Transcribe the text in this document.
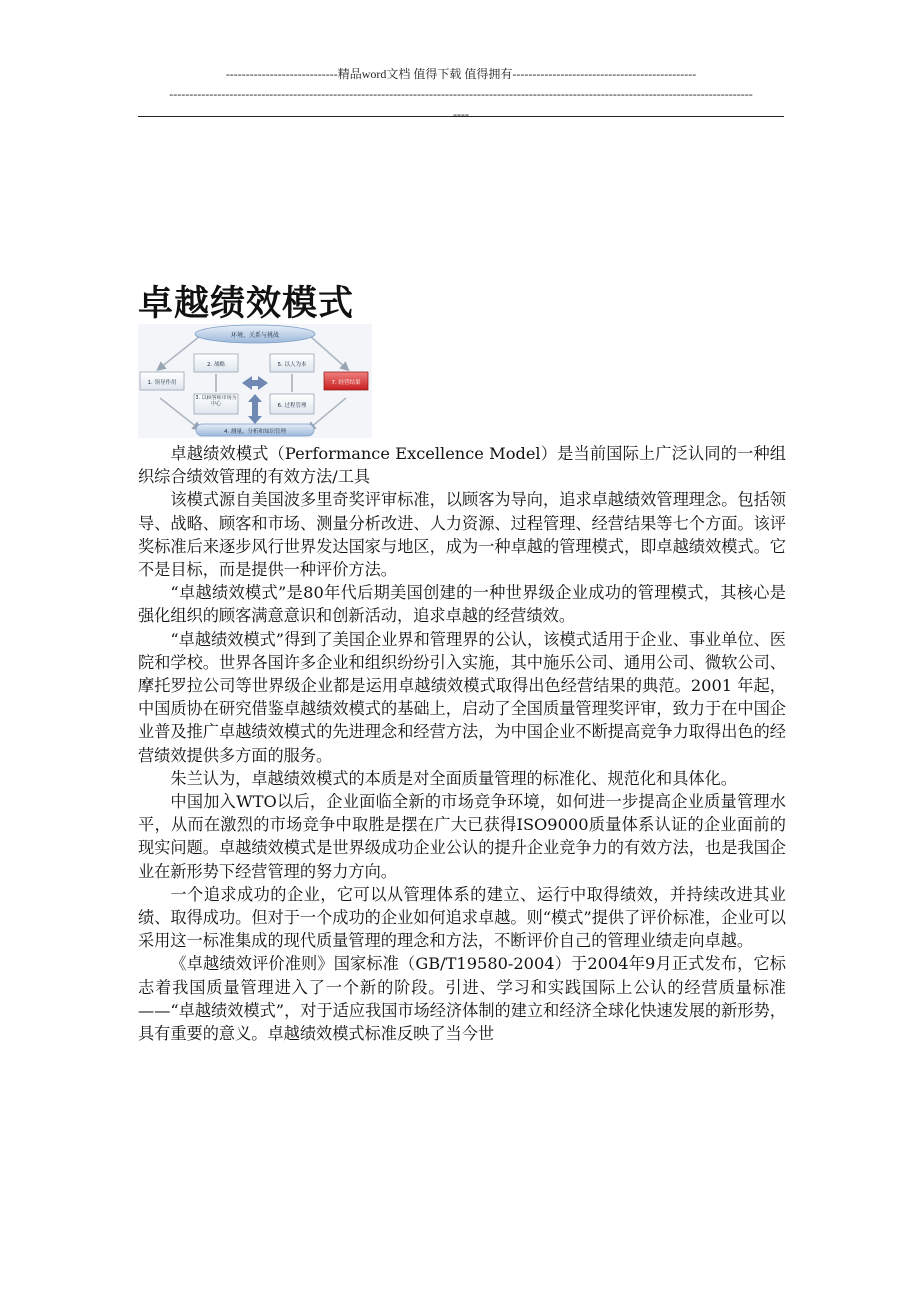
----------------------------精品word文档 值得下载 值得拥有----------------------------------------------
--------------------------------------------------------------------------------------------------------------------------------------------------
----
卓越绩效模式
环境、关系与挑战
1. 领导作用
2. 战略
3. 以顾客和市场为中心
5. 以人为本
6. 过程管理
7. 经营结果
4. 测量、分析和知识管理

卓越绩效模式（Performance Excellence Model）是当前国际上广泛认同的一种组织综合绩效管理的有效方法/工具

该模式源自美国波多里奇奖评审标准，以顾客为导向，追求卓越绩效管理理念。包括领导、战略、顾客和市场、测量分析改进、人力资源、过程管理、经营结果等七个方面。该评奖标准后来逐步风行世界发达国家与地区，成为一种卓越的管理模式，即卓越绩效模式。它不是目标，而是提供一种评价方法。

“卓越绩效模式”是80年代后期美国创建的一种世界级企业成功的管理模式，其核心是强化组织的顾客满意意识和创新活动，追求卓越的经营绩效。

“卓越绩效模式”得到了美国企业界和管理界的公认，该模式适用于企业、事业单位、医院和学校。世界各国许多企业和组织纷纷引入实施，其中施乐公司、通用公司、微软公司、摩托罗拉公司等世界级企业都是运用卓越绩效模式取得出色经营结果的典范。2001 年起，中国质协在研究借鉴卓越绩效模式的基础上，启动了全国质量管理奖评审，致力于在中国企业普及推广卓越绩效模式的先进理念和经营方法，为中国企业不断提高竞争力取得出色的经营绩效提供多方面的服务。

朱兰认为，卓越绩效模式的本质是对全面质量管理的标准化、规范化和具体化。

中国加入WTO以后，企业面临全新的市场竞争环境，如何进一步提高企业质量管理水平，从而在激烈的市场竞争中取胜是摆在广大已获得ISO9000质量体系认证的企业面前的现实问题。卓越绩效模式是世界级成功企业公认的提升企业竞争力的有效方法，也是我国企业在新形势下经营管理的努力方向。

一个追求成功的企业，它可以从管理体系的建立、运行中取得绩效，并持续改进其业绩、取得成功。但对于一个成功的企业如何追求卓越。则“模式”提供了评价标准，企业可以采用这一标准集成的现代质量管理的理念和方法，不断评价自己的管理业绩走向卓越。

《卓越绩效评价准则》国家标准（GB/T19580-2004）于2004年9月正式发布，它标志着我国质量管理进入了一个新的阶段。引进、学习和实践国际上公认的经营质量标准——“卓越绩效模式”，对于适应我国市场经济体制的建立和经济全球化快速发展的新形势，具有重要的意义。卓越绩效模式标准反映了当今世
